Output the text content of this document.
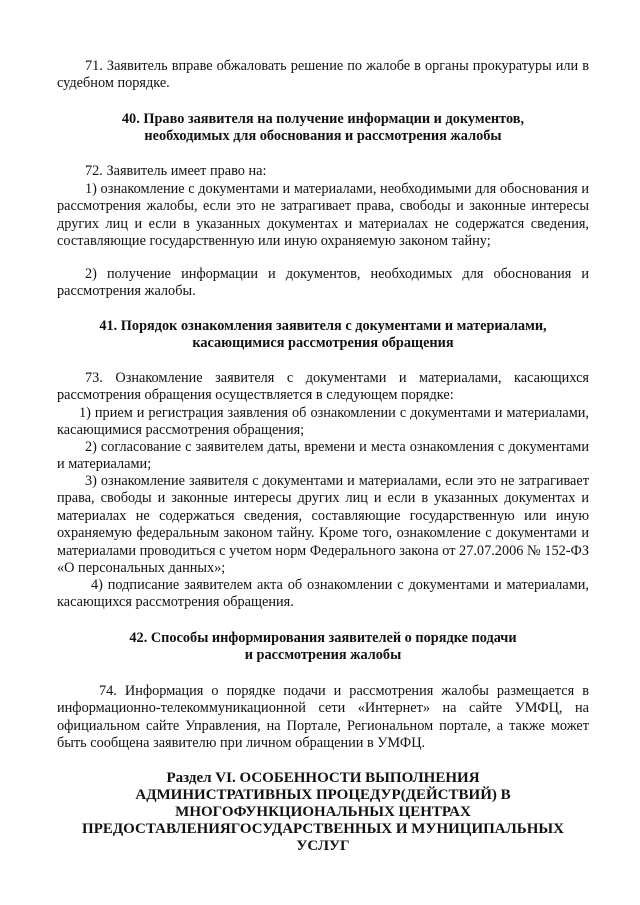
71. Заявитель вправе обжаловать решение по жалобе в органы прокуратуры или в судебном порядке.

40. Право заявителя на получение информации и документов,
необходимых для обоснования и рассмотрения жалобы

72. Заявитель имеет право на:

1) ознакомление с документами и материалами, необходимыми для обоснования и рассмотрения жалобы, если это не затрагивает права, свободы и законные интересы других лиц и если в указанных документах и материалах не содержатся сведения, составляющие государственную или иную охраняемую законом тайну;

2) получение информации и документов, необходимых для обоснования и рассмотрения жалобы.

41. Порядок ознакомления заявителя с документами и материалами,
касающимися рассмотрения обращения

73. Ознакомление заявителя с документами и материалами, касающихся рассмотрения обращения осуществляется в следующем порядке:

1) прием и регистрация заявления об ознакомлении с документами и материалами, касающимися рассмотрения обращения;

2) согласование с заявителем даты, времени и места ознакомления с документами и материалами;

3) ознакомление заявителя с документами и материалами, если это не затрагивает права, свободы и законные интересы других лиц и если в указанных документах и материалах не содержаться сведения, составляющие государственную или иную охраняемую федеральным законом тайну. Кроме того, ознакомление с документами и материалами проводиться с учетом норм Федерального закона от 27.07.2006 № 152-ФЗ «О персональных данных»;

4) подписание заявителем акта об ознакомлении с документами и материалами, касающихся рассмотрения обращения.

42. Способы информирования заявителей о порядке подачи
и рассмотрения жалобы

74. Информация о порядке подачи и рассмотрения жалобы размещается в информационно-телекоммуникационной сети «Интернет» на сайте УМФЦ, на официальном сайте Управления, на Портале, Региональном портале, а также может быть сообщена заявителю при личном обращении в УМФЦ.

Раздел VI. ОСОБЕННОСТИ ВЫПОЛНЕНИЯ
АДМИНИСТРАТИВНЫХ ПРОЦЕДУР(ДЕЙСТВИЙ) В
МНОГОФУНКЦИОНАЛЬНЫХ ЦЕНТРАХ
ПРЕДОСТАВЛЕНИЯГОСУДАРСТВЕННЫХ И МУНИЦИПАЛЬНЫХ
УСЛУГ
